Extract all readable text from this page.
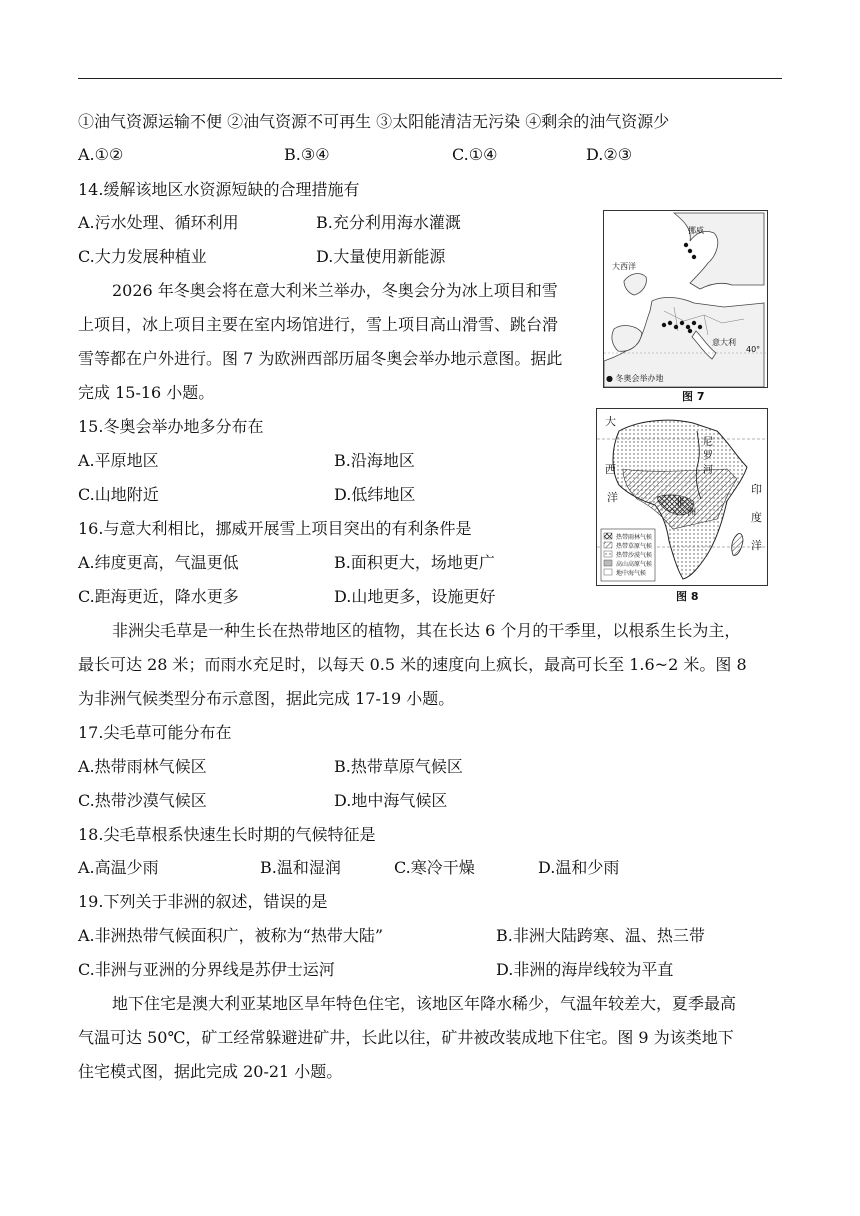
①油气资源运输不便 ②油气资源不可再生 ③太阳能清洁无污染 ④剩余的油气资源少
A.①②	B.③④	C.①④	D.②③
14.缓解该地区水资源短缺的合理措施有
A.污水处理、循环利用	B.充分利用海水灌溉
C.大力发展种植业	D.大量使用新能源
2026 年冬奥会将在意大利米兰举办，冬奥会分为冰上项目和雪
上项目，冰上项目主要在室内场馆进行，雪上项目高山滑雪、跳台滑
雪等都在户外进行。图 7 为欧洲西部历届冬奥会举办地示意图。据此
完成 15-16 小题。
15.冬奥会举办地多分布在
A.平原地区	B.沿海地区
C.山地附近	D.低纬地区
16.与意大利相比，挪威开展雪上项目突出的有利条件是
A.纬度更高，气温更低	B.面积更大，场地更广
C.距海更近，降水更多	D.山地更多，设施更好
非洲尖毛草是一种生长在热带地区的植物，其在长达 6 个月的干季里，以根系生长为主，
最长可达 28 米；而雨水充足时，以每天 0.5 米的速度向上疯长，最高可长至 1.6~2 米。图 8
为非洲气候类型分布示意图，据此完成 17-19 小题。
17.尖毛草可能分布在
A.热带雨林气候区	B.热带草原气候区
C.热带沙漠气候区	D.地中海气候区
18.尖毛草根系快速生长时期的气候特征是
A.高温少雨	B.温和湿润	C.寒冷干燥	D.温和少雨
19.下列关于非洲的叙述，错误的是
A.非洲热带气候面积广，被称为“热带大陆”	B.非洲大陆跨寒、温、热三带
C.非洲与亚洲的分界线是苏伊士运河	D.非洲的海岸线较为平直
地下住宅是澳大利亚某地区旱年特色住宅，该地区年降水稀少，气温年较差大，夏季最高
气温可达 50℃，矿工经常躲避进矿井，长此以往，矿井被改装成地下住宅。图 9 为该类地下
住宅模式图，据此完成 20-21 小题。
挪威
大西洋
意大利
40°
● 冬奥会举办地
图 7
大
西
洋
尼
罗
河
印
度
洋
非
洲
热带雨林气候
热带草原气候
热带沙漠气候
高山高原气候
地中海气候
图 8
